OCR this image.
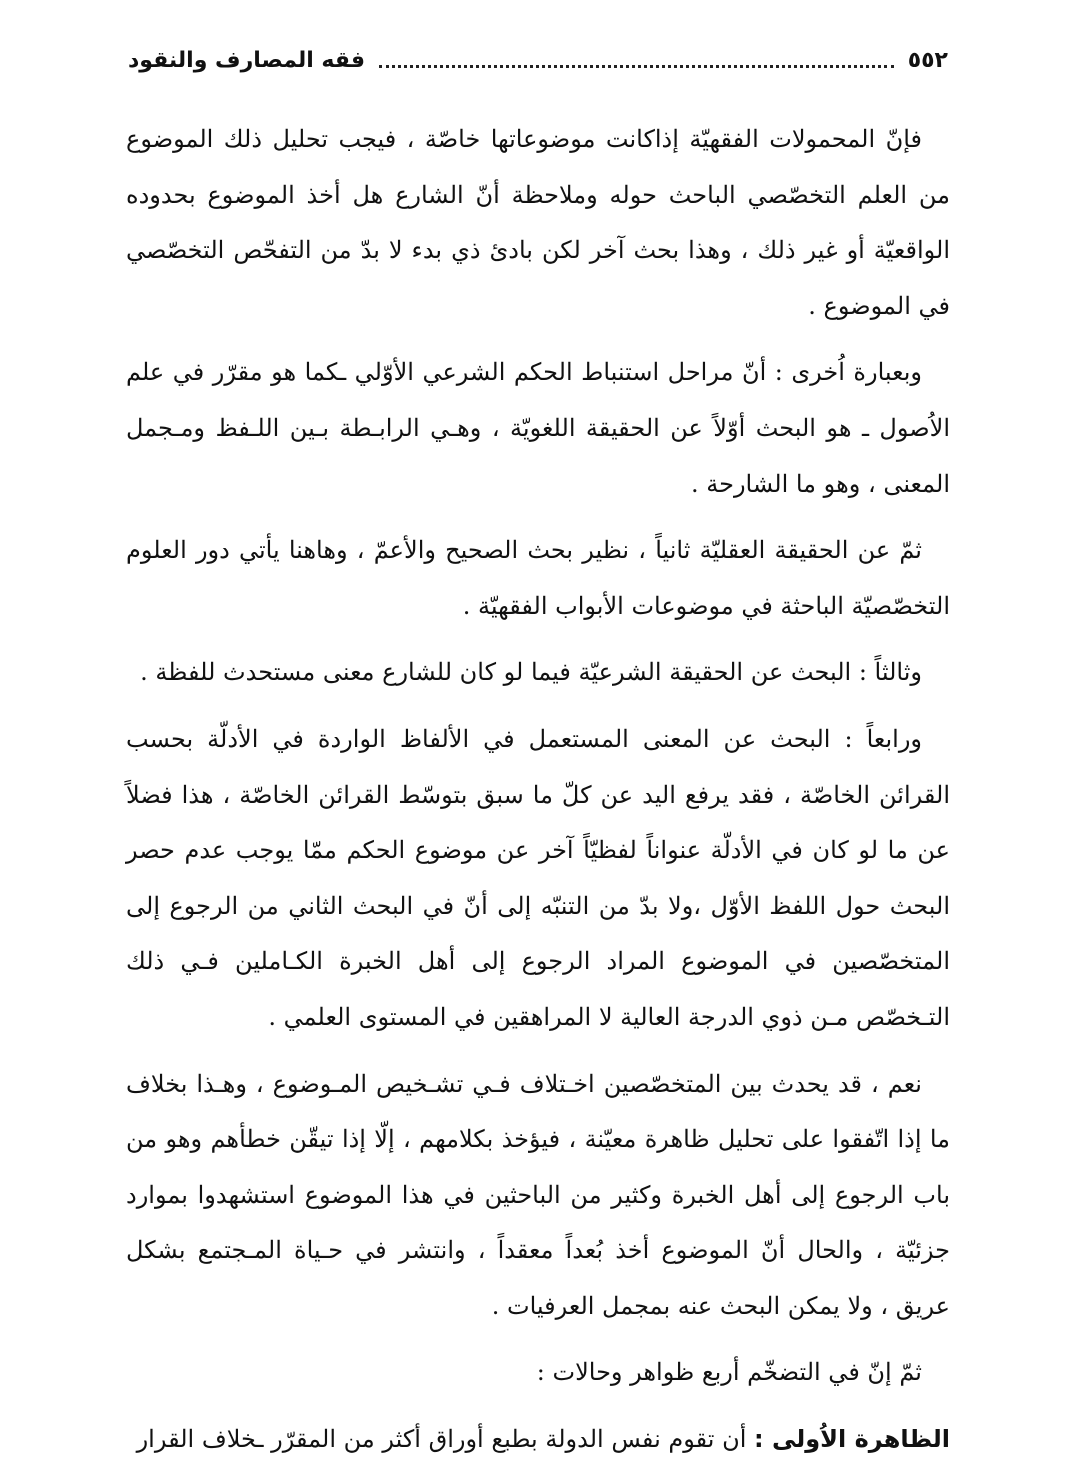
٥٥٢
فقه المصارف والنقود

فإنّ المحمولات الفقهيّة إذاكانت موضوعاتها خاصّة ، فيجب تحليل ذلك الموضوع من العلم التخصّصي الباحث حوله وملاحظة أنّ الشارع هل أخذ الموضوع بحدوده الواقعيّة أو غير ذلك ، وهذا بحث آخر لكن بادئ ذي بدء لا بدّ من التفحّص التخصّصي في الموضوع .

وبعبارة اُخرى : أنّ مراحل استنباط الحكم الشرعي الأوّلي ـكما هو مقرّر في علم الاُصول ـ هو البحث أوّلاً عن الحقيقة اللغويّة ، وهـي الرابـطة بـين اللـفظ ومـجمل المعنى ، وهو ما الشارحة .

ثمّ عن الحقيقة العقليّة ثانياً ، نظير بحث الصحيح والأعمّ ، وهاهنا يأتي دور العلوم التخصّصيّة الباحثة في موضوعات الأبواب الفقهيّة .

وثالثاً : البحث عن الحقيقة الشرعيّة فيما لو كان للشارع معنى مستحدث للفظة .

ورابعاً : البحث عن المعنى المستعمل في الألفاظ الواردة في الأدلّة بحسب القرائن الخاصّة ، فقد يرفع اليد عن كلّ ما سبق بتوسّط القرائن الخاصّة ، هذا فضلاً عن ما لو كان في الأدلّة عنواناً لفظيّاً آخر عن موضوع الحكم ممّا يوجب عدم حصر البحث حول اللفظ الأوّل ،ولا بدّ من التنبّه إلى أنّ في البحث الثاني من الرجوع إلى المتخصّصين في الموضوع المراد الرجوع إلى أهل الخبرة الكـاملين فـي ذلك التـخصّص مـن ذوي الدرجة العالية لا المراهقين في المستوى العلمي .

نعم ، قد يحدث بين المتخصّصين اخـتلاف فـي تشـخيص المـوضوع ، وهـذا بخلاف ما إذا اتّفقوا على تحليل ظاهرة معيّنة ، فيؤخذ بكلامهم ، إلّا إذا تيقّن خطأهم وهو من باب الرجوع إلى أهل الخبرة وكثير من الباحثين في هذا الموضوع استشهدوا بموارد جزئيّة ، والحال أنّ الموضوع أخذ بُعداً معقداً ، وانتشر في حـياة المـجتمع بشكل عريق ، ولا يمكن البحث عنه بمجمل العرفيات .

ثمّ إنّ في التضخّم أربع ظواهر وحالات :

الظاهرة الاُولى : أن تقوم نفس الدولة بطبع أوراق أكثر من المقرّر ـخلاف القرار
